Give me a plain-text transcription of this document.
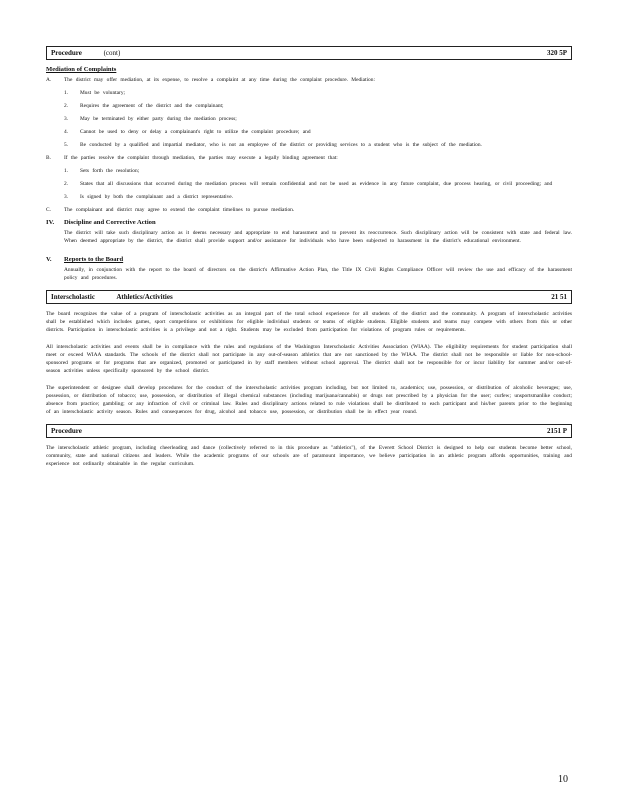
Procedure	(cont)	320 5P
Mediation of Complaints
A.	The district may offer mediation, at its expense, to resolve a complaint at any time during the complaint procedure. Mediation:
1.	Must be voluntary;
2.	Requires the agreement of the district and the complainant;
3.	May be terminated by either party during the mediation process;
4.	Cannot be used to deny or delay a complainant's right to utilize the complaint procedure; and
5.	Be conducted by a qualified and impartial mediator, who is not an employee of the district or providing services to a student who is the subject of the mediation.
B.	If the parties resolve the complaint through mediation, the parties may execute a legally binding agreement that:
1.	Sets forth the resolution;
2.	States that all discussions that occurred during the mediation process will remain confidential and not be used as evidence in any future complaint, due process hearing, or civil proceeding; and
3.	Is signed by both the complainant and a district representative.
C.	The complainant and district may agree to extend the complaint timelines to pursue mediation.
IV. Discipline and Corrective Action
The district will take such disciplinary action as it deems necessary and appropriate to end harassment and to prevent its reoccurrence. Such disciplinary action will be consistent with state and federal law. When deemed appropriate by the district, the district shall provide support and/or assistance for individuals who have been subjected to harassment in the district's educational environment.
V. Reports to the Board
Annually, in conjunction with the report to the board of directors on the district's Affirmative Action Plan, the Title IX Civil Rights Compliance Officer will review the use and efficacy of the harassment policy and procedures.
Interscholastic	Athletics/Activities	21 51
The board recognizes the value of a program of interscholastic activities as an integral part of the total school experience for all students of the district and the community. A program of interscholastic activities shall be established which includes games, sport competitions or exhibitions for eligible individual students or teams of eligible students. Eligible students and teams may compete with others from this or other districts. Participation in interscholastic activities is a privilege and not a right. Students may be excluded from participation for violations of program rules or requirements.
All interscholastic activities and events shall be in compliance with the rules and regulations of the Washington Interscholastic Activities Association (WIAA). The eligibility requirements for student participation shall meet or exceed WIAA standards. The schools of the district shall not participate in any out-of-season athletics that are not sanctioned by the WIAA. The district shall not be responsible or liable for non-school-sponsored programs or for programs that are organized, promoted or participated in by staff members without school approval. The district shall not be responsible for or incur liability for summer and/or out-of-season activities unless specifically sponsored by the school district.
The superintendent or designee shall develop procedures for the conduct of the interscholastic activities program including, but not limited to, academics; use, possession, or distribution of alcoholic beverages; use, possession, or distribution of tobacco; use, possession, or distribution of illegal chemical substances (including marijuana/cannabis) or drugs not prescribed by a physician for the user; curfew; unsportsmanlike conduct; absence from practice; gambling; or any infraction of civil or criminal law. Rules and disciplinary actions related to rule violations shall be distributed to each participant and his/her parents prior to the beginning of an interscholastic activity season. Rules and consequences for drug, alcohol and tobacco use, possession, or distribution shall be in effect year round.
Procedure	2151 P
The interscholastic athletic program, including cheerleading and dance (collectively referred to in this procedure as "athletics"), of the Everett School District is designed to help our students become better school, community, state and national citizens and leaders. While the academic programs of our schools are of paramount importance, we believe participation in an athletic program affords opportunities, training and experience not ordinarily obtainable in the regular curriculum.
10
